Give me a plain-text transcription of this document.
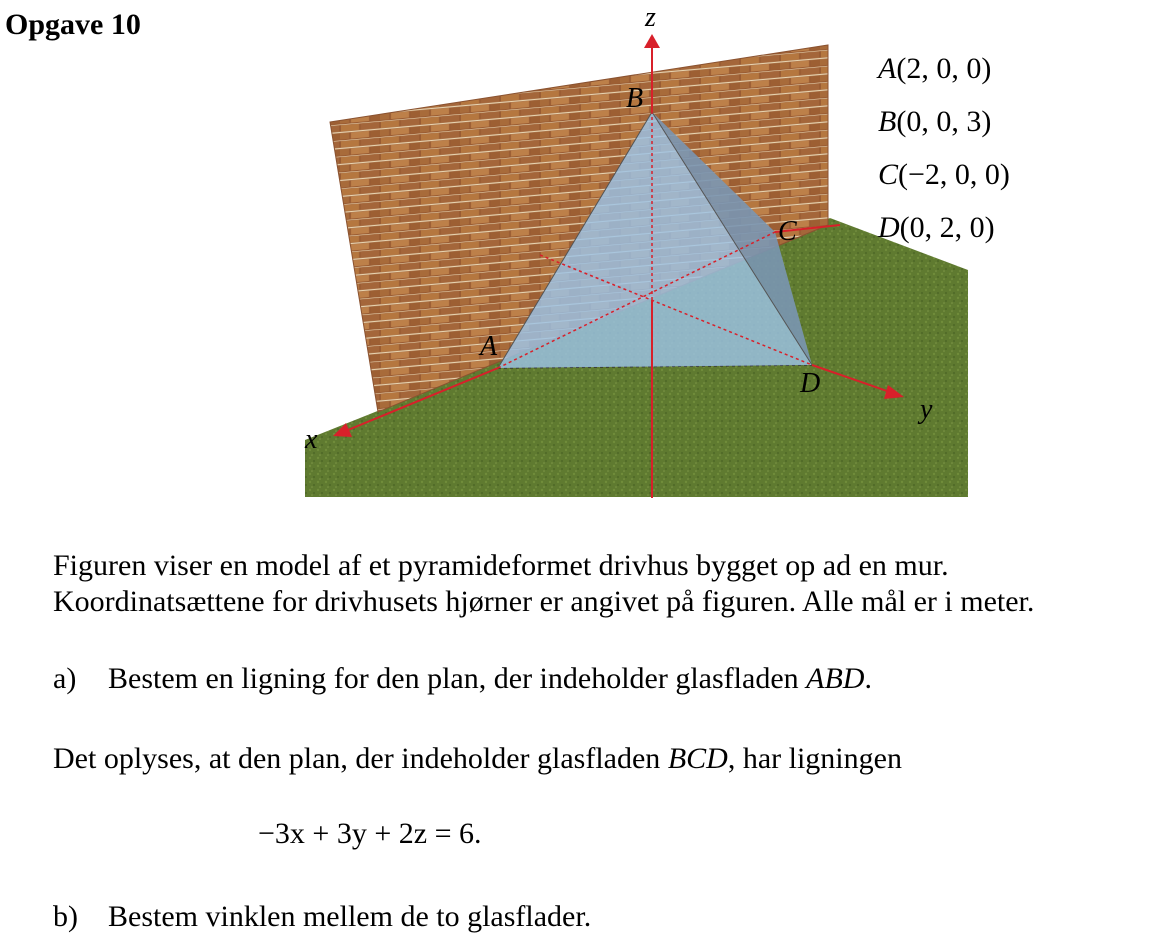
Opgave 10	z
x
y
B
A
C
D
A(2, 0, 0)
B(0, 0, 3)
C(−2, 0, 0)
D(0, 2, 0)
Figuren viser en model af et pyramideformet drivhus bygget op ad en mur.
Koordinatsættene for drivhusets hjørner er angivet på figuren. Alle mål er i meter.
a) Bestem en ligning for den plan, der indeholder glasfladen ABD.
Det oplyses, at den plan, der indeholder glasfladen BCD, har ligningen
−3x + 3y + 2z = 6.
b) Bestem vinklen mellem de to glasflader.
